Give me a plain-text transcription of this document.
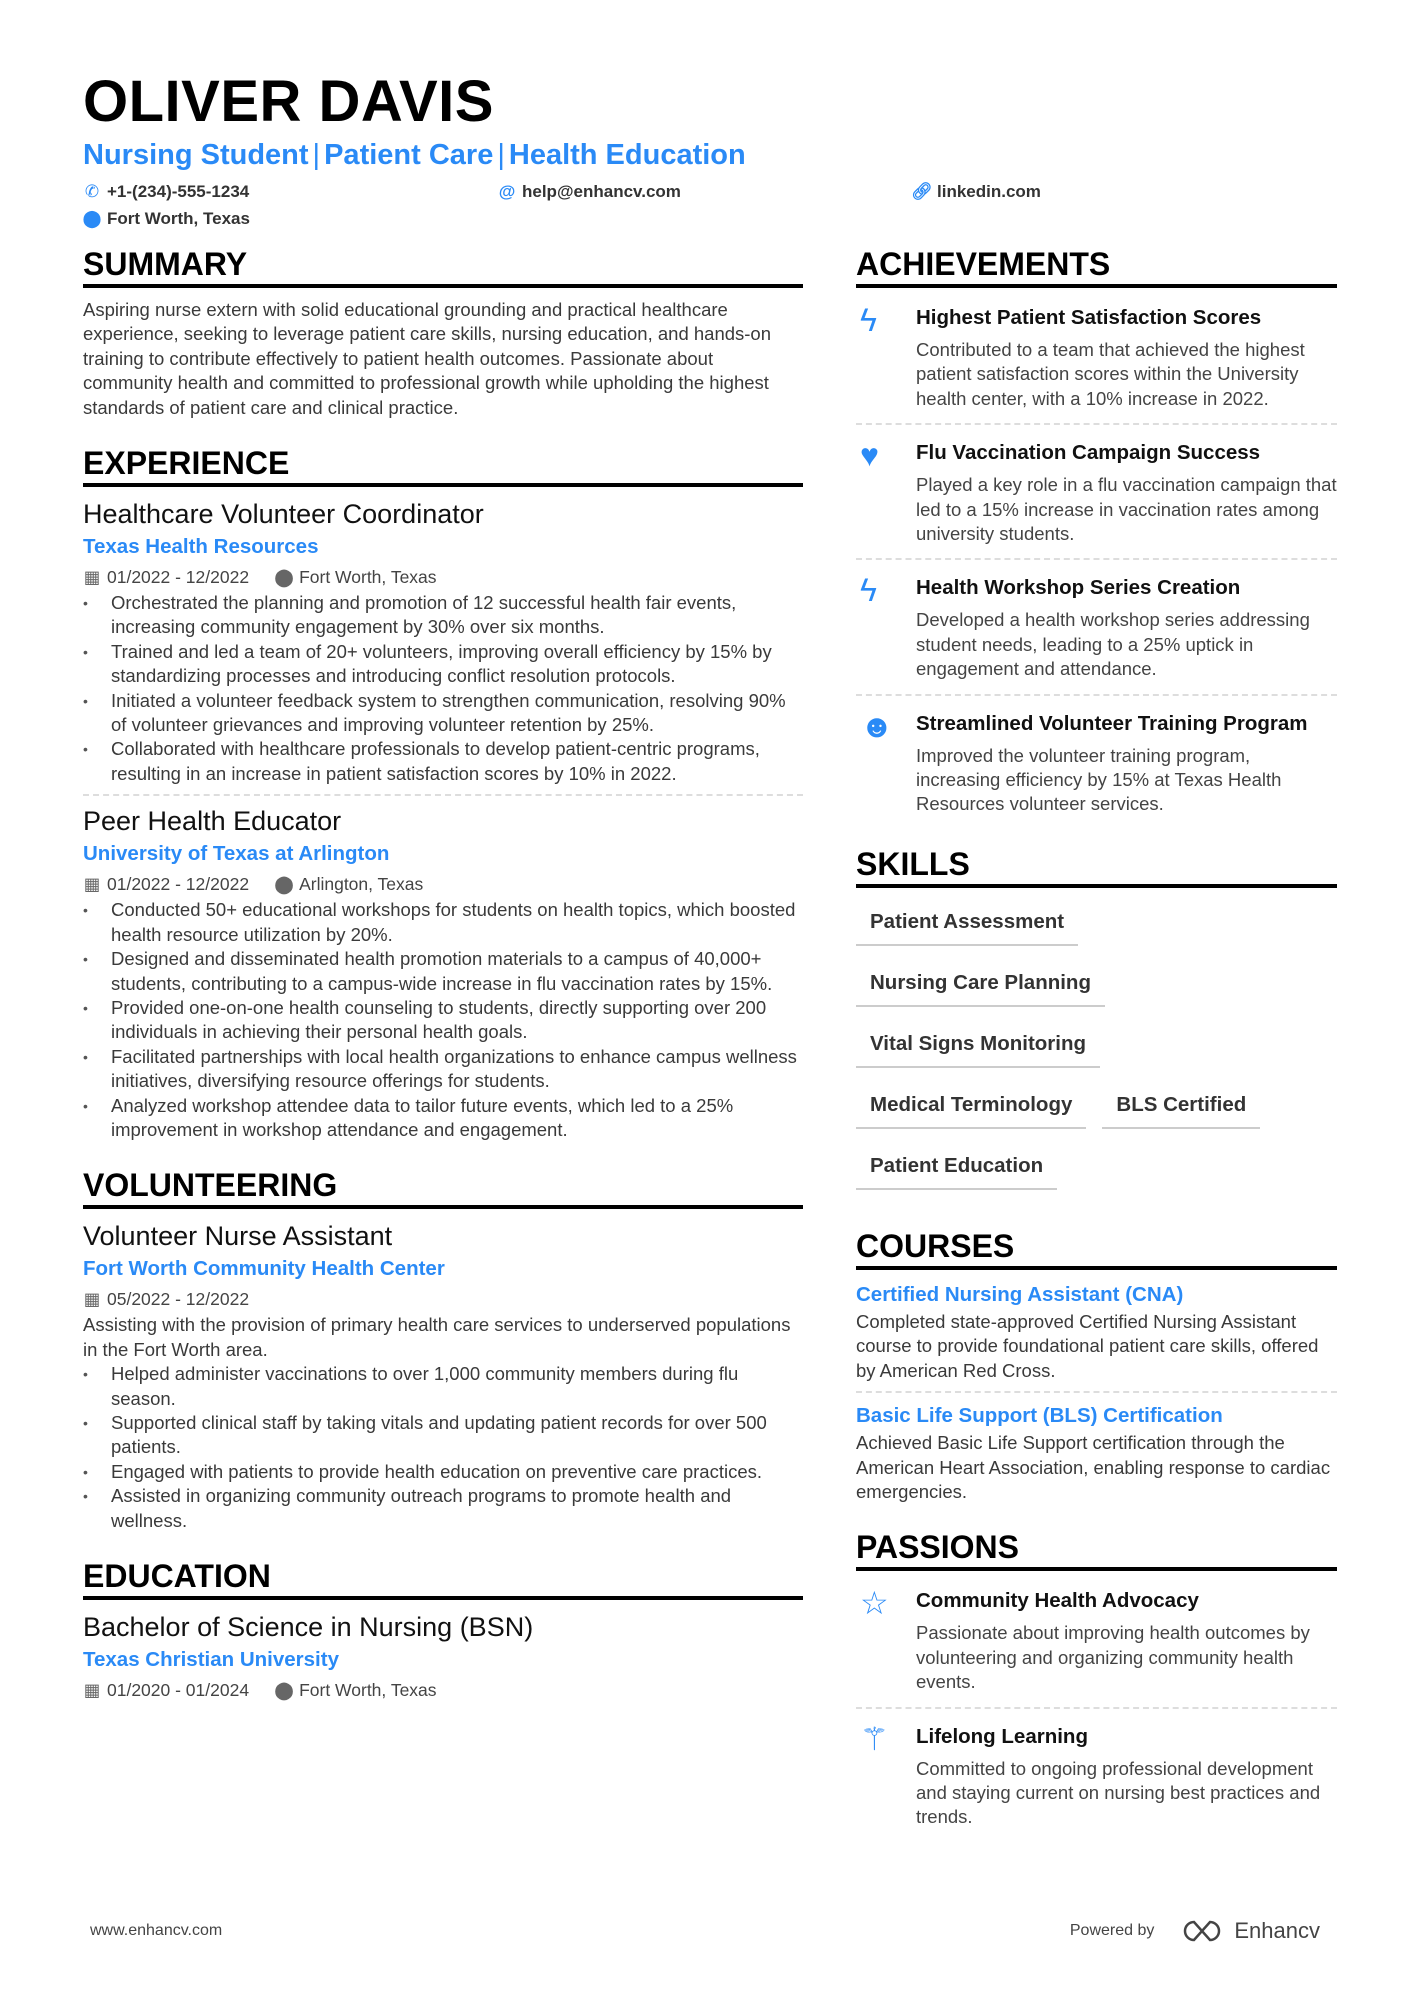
OLIVER DAVIS
Nursing Student | Patient Care | Health Education
✆ +1-(234)-555-1234	@ help@enhancv.com	🔗︎ linkedin.com
⬤ Fort Worth, Texas
SUMMARY
Aspiring nurse extern with solid educational grounding and practical healthcare experience, seeking to leverage patient care skills, nursing education, and hands-on training to contribute effectively to patient health outcomes. Passionate about community health and committed to professional growth while upholding the highest standards of patient care and clinical practice.
EXPERIENCE
Healthcare Volunteer Coordinator
Texas Health Resources
▦ 01/2022 - 12/2022 ⬤ Fort Worth, Texas
• Orchestrated the planning and promotion of 12 successful health fair events, increasing community engagement by 30% over six months.
• Trained and led a team of 20+ volunteers, improving overall efficiency by 15% by standardizing processes and introducing conflict resolution protocols.
• Initiated a volunteer feedback system to strengthen communication, resolving 90% of volunteer grievances and improving volunteer retention by 25%.
• Collaborated with healthcare professionals to develop patient-centric programs, resulting in an increase in patient satisfaction scores by 10% in 2022.
Peer Health Educator
University of Texas at Arlington
▦ 01/2022 - 12/2022 ⬤ Arlington, Texas
• Conducted 50+ educational workshops for students on health topics, which boosted health resource utilization by 20%.
• Designed and disseminated health promotion materials to a campus of 40,000+ students, contributing to a campus-wide increase in flu vaccination rates by 15%.
• Provided one-on-one health counseling to students, directly supporting over 200 individuals in achieving their personal health goals.
• Facilitated partnerships with local health organizations to enhance campus wellness initiatives, diversifying resource offerings for students.
• Analyzed workshop attendee data to tailor future events, which led to a 25% improvement in workshop attendance and engagement.
VOLUNTEERING
Volunteer Nurse Assistant
Fort Worth Community Health Center
▦ 05/2022 - 12/2022
Assisting with the provision of primary health care services to underserved populations in the Fort Worth area.
• Helped administer vaccinations to over 1,000 community members during flu season.
• Supported clinical staff by taking vitals and updating patient records for over 500 patients.
• Engaged with patients to provide health education on preventive care practices.
• Assisted in organizing community outreach programs to promote health and wellness.
EDUCATION
Bachelor of Science in Nursing (BSN)
Texas Christian University
▦ 01/2020 - 01/2024 ⬤ Fort Worth, Texas
ACHIEVEMENTS
ϟ	Highest Patient Satisfaction Scores
Contributed to a team that achieved the highest patient satisfaction scores within the University health center, with a 10% increase in 2022.
♥	Flu Vaccination Campaign Success
Played a key role in a flu vaccination campaign that led to a 15% increase in vaccination rates among university students.
ϟ	Health Workshop Series Creation
Developed a health workshop series addressing student needs, leading to a 25% uptick in engagement and attendance.
☻	Streamlined Volunteer Training Program
Improved the volunteer training program, increasing efficiency by 15% at Texas Health Resources volunteer services.
SKILLS
Patient Assessment
Nursing Care Planning
Vital Signs Monitoring
Medical Terminology	BLS Certified
Patient Education
COURSES
Certified Nursing Assistant (CNA)
Completed state-approved Certified Nursing Assistant course to provide foundational patient care skills, offered by American Red Cross.
Basic Life Support (BLS) Certification
Achieved Basic Life Support certification through the American Heart Association, enabling response to cardiac emergencies.
PASSIONS
☆	Community Health Advocacy
Passionate about improving health outcomes by volunteering and organizing community health events.
⚚	Lifelong Learning
Committed to ongoing professional development and staying current on nursing best practices and trends.
www.enhancv.com	Powered by	Enhancv
